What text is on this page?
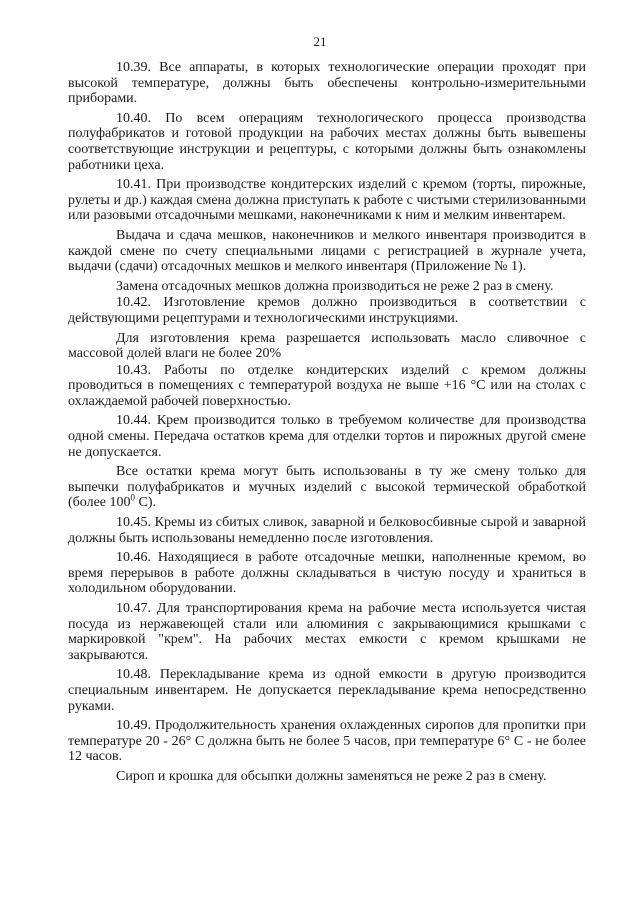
21

10.39. Все аппараты, в которых технологические операции проходят при высокой температуре, должны быть обеспечены контрольно-измерительными приборами.

10.40. По всем операциям технологического процесса производства полуфабрикатов и готовой продукции на рабочих местах должны быть вывешены соответствующие инструкции и рецептуры, с которыми должны быть ознакомлены работники цеха.

10.41. При производстве кондитерских изделий с кремом (торты, пирожные, рулеты и др.) каждая смена должна приступать к работе с чистыми стерилизованными или разовыми отсадочными мешками, наконечниками к ним и мелким инвентарем.

Выдача и сдача мешков, наконечников и мелкого инвентаря производится в каждой смене по счету специальными лицами с регистрацией в журнале учета, выдачи (сдачи) отсадочных мешков и мелкого инвентаря (Приложение № 1).

Замена отсадочных мешков должна производиться не реже 2 раз в смену.

10.42. Изготовление кремов должно производиться в соответствии с действующими рецептурами и технологическими инструкциями.

Для изготовления крема разрешается использовать масло сливочное с массовой долей влаги не более 20%

10.43. Работы по отделке кондитерских изделий с кремом должны проводиться в помещениях с температурой воздуха не выше +16 °С или на столах с охлаждаемой рабочей поверхностью.

10.44. Крем производится только в требуемом количестве для производства одной смены. Передача остатков крема для отделки тортов и пирожных другой смене не допускается.

Все остатки крема могут быть использованы в ту же смену только для выпечки полуфабрикатов и мучных изделий с высокой термической обработкой (более $100^0$ С).

10.45. Кремы из сбитых сливок, заварной и белковосбивные сырой и заварной должны быть использованы немедленно после изготовления.

10.46. Находящиеся в работе отсадочные мешки, наполненные кремом, во время перерывов в работе должны складываться в чистую посуду и храниться в холодильном оборудовании.

10.47. Для транспортирования крема на рабочие места используется чистая посуда из нержавеющей стали или алюминия с закрывающимися крышками с маркировкой "крем". На рабочих местах емкости с кремом крышками не закрываются.

10.48. Перекладывание крема из одной емкости в другую производится специальным инвентарем. Не допускается перекладывание крема непосредственно руками.

10.49. Продолжительность хранения охлажденных сиропов для пропитки при температуре 20 - 26° С должна быть не более 5 часов, при температуре 6° С - не более 12 часов.

Сироп и крошка для обсыпки должны заменяться не реже 2 раз в смену.
